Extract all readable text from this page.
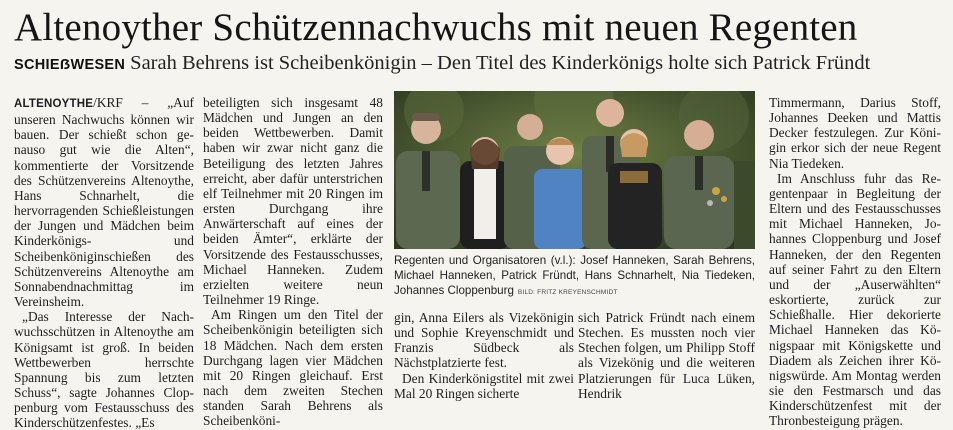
Altenoyther Schützennachwuchs mit neuen Regenten
SCHIEẞWESEN Sarah Behrens ist Scheibenkönigin – Den Titel des Kinderkönigs holte sich Patrick Fründt

ALTENOYTHE/KRF – „Auf unseren Nachwuchs können wir bauen. Der schießt schon genauso gut wie die Alten“, kommentierte der Vorsitzende des Schützenvereins Altenoythe, Hans Schnarhelt, die hervorragenden Schießleistungen der Jungen und Mädchen beim Kinderkönigs- und Scheibenköniginschießen des Schützenvereins Altenoythe am Sonnabendnachmittag im Vereinsheim.

„Das Interesse der Nachwuchsschützen in Altenoythe am Königsamt ist groß. In beiden Wettbewerben herrschte Spannung bis zum letzten Schuss“, sagte Johannes Cloppenburg vom Festausschuss des Kinderschützenfestes. „Es

beteiligten sich insgesamt 48 Mädchen und Jungen an den beiden Wettbewerben. Damit haben wir zwar nicht ganz die Beteiligung des letzten Jahres erreicht, aber dafür unterstrichen elf Teilnehmer mit 20 Ringen im ersten Durchgang ihre Anwärterschaft auf eines der beiden Ämter“, erklärte der Vorsitzende des Festausschusses, Michael Hanneken. Zudem erzielten weitere neun Teilnehmer 19 Ringe.

Am Ringen um den Titel der Scheibenkönigin beteiligten sich 18 Mädchen. Nach dem ersten Durchgang lagen vier Mädchen mit 20 Ringen gleichauf. Erst nach dem zweiten Stechen standen Sarah Behrens als Scheibenköni-

Regenten und Organisatoren (v.l.): Josef Hanneken, Sarah Behrens, Michael Hanneken, Patrick Fründt, Hans Schnarhelt, Nia Tiedeken, Johannes Cloppenburg BILD: FRITZ KREYENSCHMIDT

gin, Anna Eilers als Vizekönigin und Sophie Kreyenschmidt und Franzis Südbeck als Nächstplatzierte fest.

Den Kinderkönigstitel mit zwei Mal 20 Ringen sicherte

sich Patrick Fründt nach einem Stechen. Es mussten noch vier Stechen folgen, um Philipp Stoff als Vizekönig und die weiteren Platzierungen für Luca Lüken, Hendrik

Timmermann, Darius Stoff, Johannes Deeken und Mattis Decker festzulegen. Zur Königin erkor sich der neue Regent Nia Tiedeken.

Im Anschluss fuhr das Regentenpaar in Begleitung der Eltern und des Festausschusses mit Michael Hanneken, Johannes Cloppenburg und Josef Hanneken, der den Regenten auf seiner Fahrt zu den Eltern und der „Auserwählten“ eskortierte, zurück zur Schießhalle. Hier dekorierte Michael Hanneken das Königspaar mit Königskette und Diadem als Zeichen ihrer Königswürde. Am Montag werden sie den Festmarsch und das Kinderschützenfest mit der Thronbesteigung prägen.
